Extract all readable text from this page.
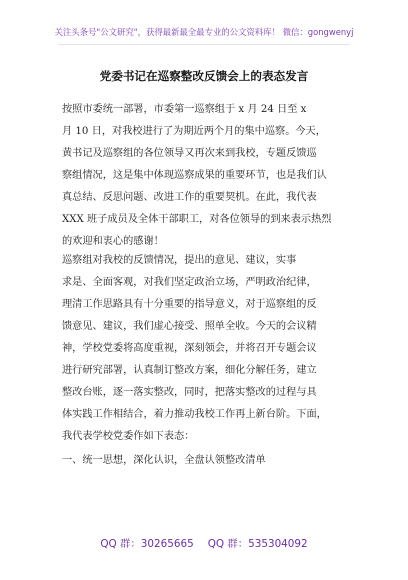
关注头条号"公文研究"，获得最新最全最专业的公文资料库！ 微信：gongwenyj
党委书记在巡察整改反馈会上的表态发言

按照市委统一部署，市委第一巡察组于 x 月 24 日至 x
月 10 日，对我校进行了为期近两个月的集中巡察。今天，
黄书记及巡察组的各位领导又再次来到我校，专题反馈巡
察组情况，这是集中体现巡察成果的重要环节，也是我们认
真总结、反思问题、改进工作的重要契机。在此，我代表
XXX 班子成员及全体干部职工，对各位领导的到来表示热烈
的欢迎和衷心的感谢！

巡察组对我校的反馈情况，提出的意见、建议，实事
求是、全面客观，对我们坚定政治立场，严明政治纪律，
理清工作思路具有十分重要的指导意义，对于巡察组的反
馈意见、建议，我们虚心接受、照单全收。今天的会议精
神，学校党委将高度重视，深刻领会，并将召开专题会议
进行研究部署，认真制订整改方案，细化分解任务，建立
整改台账，逐一落实整改，同时，把落实整改的过程与具
体实践工作相结合，着力推动我校工作再上新台阶。下面，
我代表学校党委作如下表态：

一、统一思想，深化认识，全盘认领整改清单

QQ 群：30265665 QQ 群：535304092
